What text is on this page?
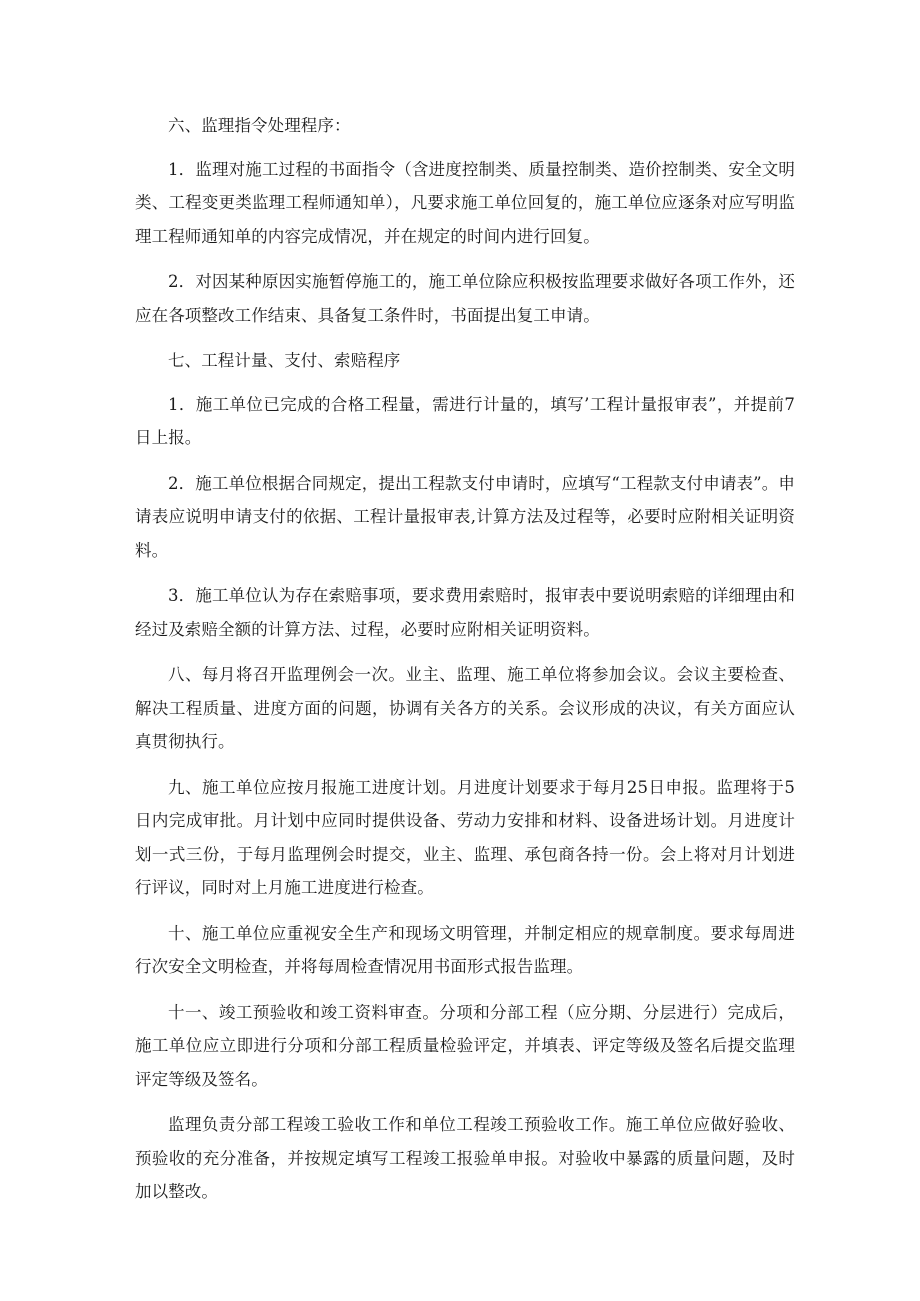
六、监理指令处理程序：

1．监理对施工过程的书面指令（含进度控制类、质量控制类、造价控制类、安全文明类、工程变更类监理工程师通知单），凡要求施工单位回复的，施工单位应逐条对应写明监理工程师通知单的内容完成情况，并在规定的时间内进行回复。

2．对因某种原因实施暂停施工的，施工单位除应积极按监理要求做好各项工作外，还应在各项整改工作结束、具备复工条件时，书面提出复工申请。

七、工程计量、支付、索赔程序

1．施工单位已完成的合格工程量，需进行计量的，填写’工程计量报审表”，并提前7日上报。

2．施工单位根据合同规定，提出工程款支付申请时，应填写“工程款支付申请表”。申请表应说明申请支付的依据、工程计量报审表,计算方法及过程等，必要时应附相关证明资料。

3．施工单位认为存在索赔事项，要求费用索赔时，报审表中要说明索赔的详细理由和经过及索赔全额的计算方法、过程，必要时应附相关证明资料。

八、每月将召开监理例会一次。业主、监理、施工单位将参加会议。会议主要检查、解决工程质量、进度方面的问题，协调有关各方的关系。会议形成的决议，有关方面应认真贯彻执行。

九、施工单位应按月报施工进度计划。月进度计划要求于每月25日申报。监理将于5日内完成审批。月计划中应同时提供设备、劳动力安排和材料、设备进场计划。月进度计划一式三份，于每月监理例会时提交，业主、监理、承包商各持一份。会上将对月计划进行评议，同时对上月施工进度进行检查。

十、施工单位应重视安全生产和现场文明管理，并制定相应的规章制度。要求每周进行次安全文明检查，并将每周检查情况用书面形式报告监理。

十一、竣工预验收和竣工资料审查。分项和分部工程（应分期、分层进行）完成后，施工单位应立即进行分项和分部工程质量检验评定，并填表、评定等级及签名后提交监理评定等级及签名。

监理负责分部工程竣工验收工作和单位工程竣工预验收工作。施工单位应做好验收、预验收的充分准备，并按规定填写工程竣工报验单申报。对验收中暴露的质量问题，及时加以整改。
